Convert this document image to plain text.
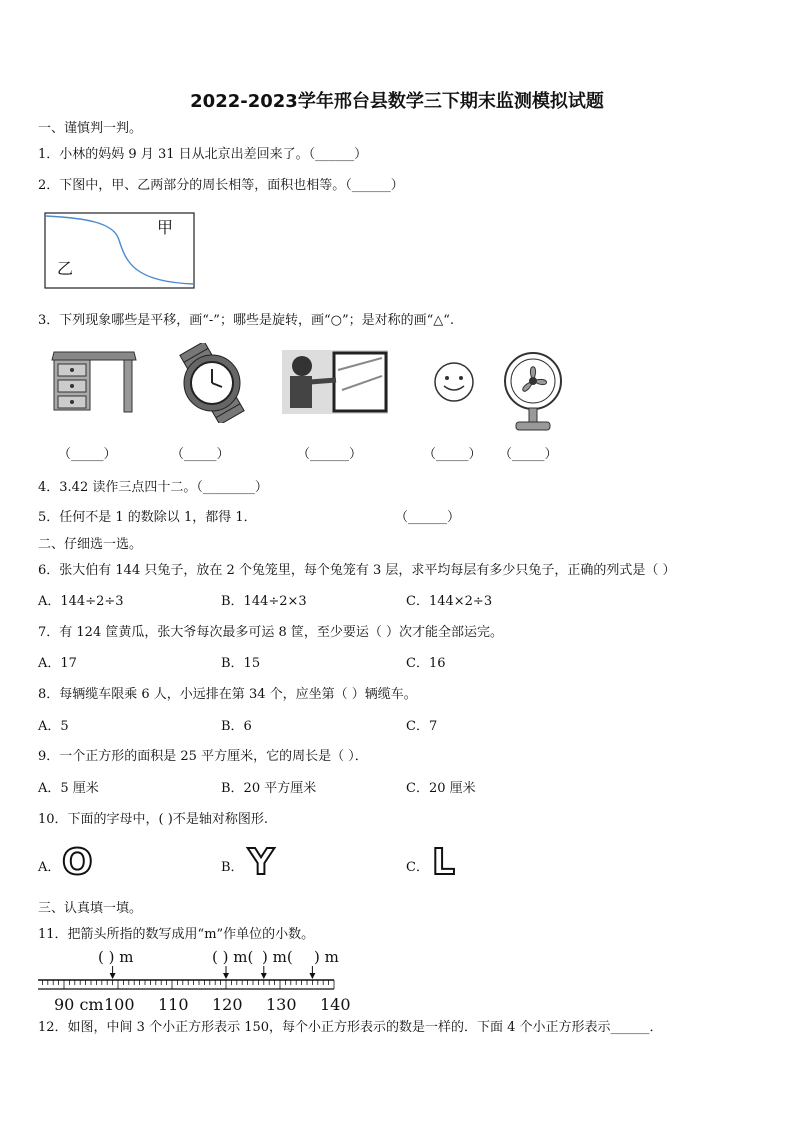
2022-2023学年邢台县数学三下期末监测模拟试题
一、谨慎判一判。
1．小林的妈妈 9 月 31 日从北京出差回来了。（______）
2．下图中，甲、乙两部分的周长相等，面积也相等。（______）
甲
乙
3．下列现象哪些是平移，画“-”；哪些是旋转，画“○”；是对称的画“△“.
（_____）	（_____）	（______）	（_____） （_____）
4．3.42 读作三点四十二。（________）
5．任何不是 1 的数除以 1，都得 1．	（______）
二、仔细选一选。
6．张大伯有 144 只兔子，放在 2 个兔笼里，每个兔笼有 3 层，求平均每层有多少只兔子，正确的列式是（ ）
A．144÷2÷3	B．144÷2×3	C．144×2÷3
7．有 124 筐黄瓜，张大爷每次最多可运 8 筐，至少要运（ ）次才能全部运完。
A．17	B．15	C．16
8．每辆缆车限乘 6 人，小远排在第 34 个，应坐第（ ）辆缆车。
A．5	B．6	C．7
9．一个正方形的面积是 25 平方厘米，它的周长是（ ）．
A．5 厘米	B．20 平方厘米	C．20 厘米
10．下面的字母中，( )不是轴对称图形.
A． O	B． Y	C． L
三、认真填一填。
11．把箭头所指的数写成用“m”作单位的小数。
90 cm 100 110 120 130 140
( ) m	( ) m( ) m( ) m
12．如图，中间 3 个小正方形表示 150，每个小正方形表示的数是一样的．下面 4 个小正方形表示______．
